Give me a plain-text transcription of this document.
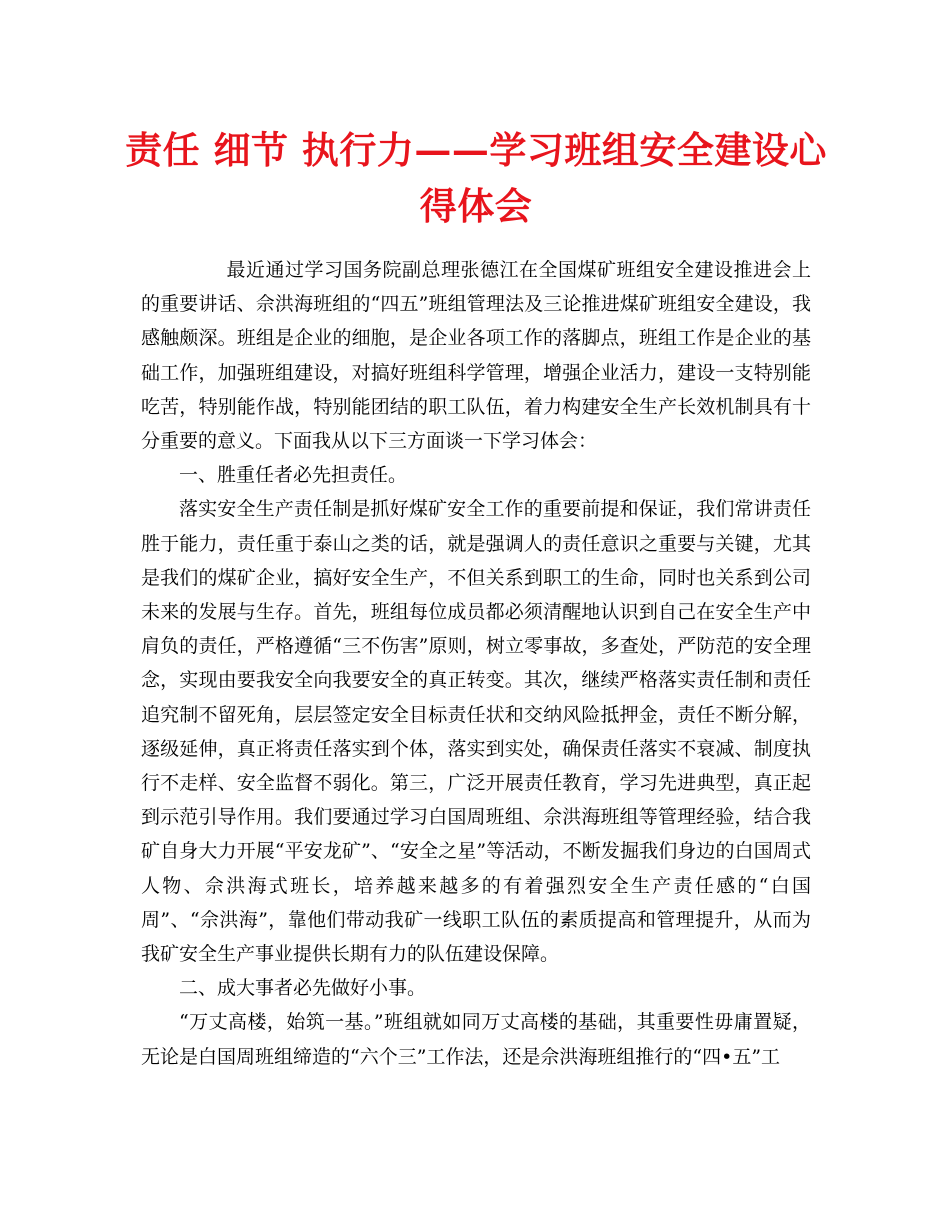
责任 细节 执行力——学习班组安全建设心
得体会

最近通过学习国务院副总理张德江在全国煤矿班组安全建设推进会上的重要讲话、佘洪海班组的“四五”班组管理法及三论推进煤矿班组安全建设，我感触颇深。班组是企业的细胞，是企业各项工作的落脚点，班组工作是企业的基础工作，加强班组建设，对搞好班组科学管理，增强企业活力，建设一支特别能吃苦，特别能作战，特别能团结的职工队伍，着力构建安全生产长效机制具有十分重要的意义。下面我从以下三方面谈一下学习体会：

一、胜重任者必先担责任。

落实安全生产责任制是抓好煤矿安全工作的重要前提和保证，我们常讲责任胜于能力，责任重于泰山之类的话，就是强调人的责任意识之重要与关键，尤其是我们的煤矿企业，搞好安全生产，不但关系到职工的生命，同时也关系到公司未来的发展与生存。首先，班组每位成员都必须清醒地认识到自己在安全生产中肩负的责任，严格遵循“三不伤害”原则，树立零事故，多查处，严防范的安全理念，实现由要我安全向我要安全的真正转变。其次，继续严格落实责任制和责任追究制不留死角，层层签定安全目标责任状和交纳风险抵押金，责任不断分解，逐级延伸，真正将责任落实到个体，落实到实处，确保责任落实不衰减、制度执行不走样、安全监督不弱化。第三，广泛开展责任教育，学习先进典型，真正起到示范引导作用。我们要通过学习白国周班组、佘洪海班组等管理经验，结合我矿自身大力开展“平安龙矿”、“安全之星”等活动，不断发掘我们身边的白国周式人物、佘洪海式班长，培养越来越多的有着强烈安全生产责任感的“白国周”、“佘洪海”，靠他们带动我矿一线职工队伍的素质提高和管理提升，从而为我矿安全生产事业提供长期有力的队伍建设保障。

二、成大事者必先做好小事。

“万丈高楼，始筑一基。”班组就如同万丈高楼的基础，其重要性毋庸置疑，无论是白国周班组缔造的“六个三”工作法，还是佘洪海班组推行的“四•五”工
